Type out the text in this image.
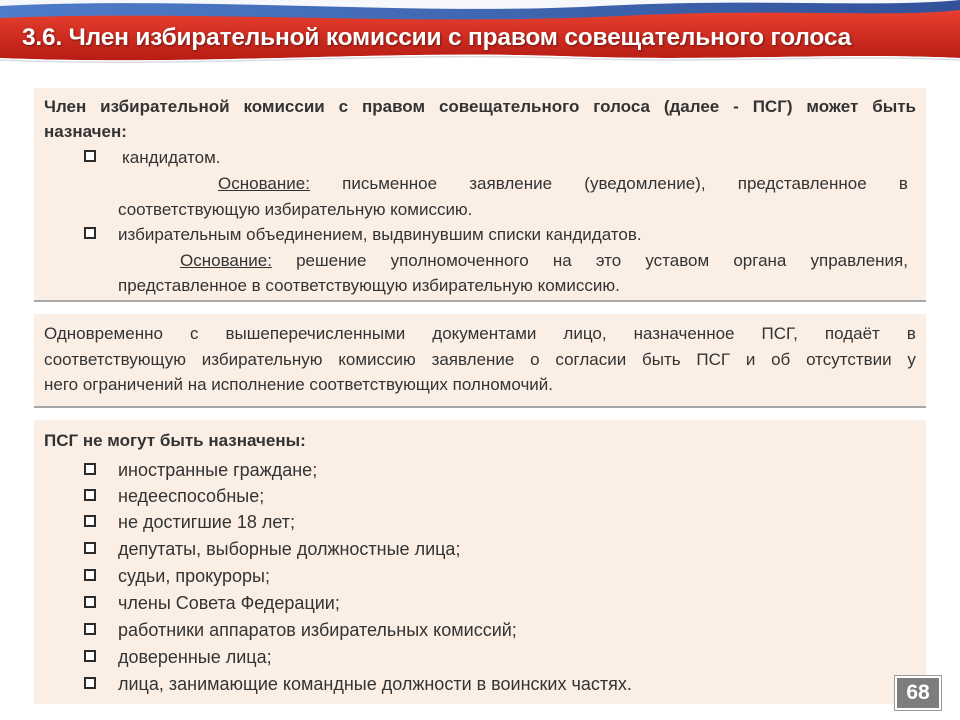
3.6. Член избирательной комиссии с правом совещательного голоса
Член избирательной комиссии с правом совещательного голоса (далее - ПСГ) может быть
назначен:
кандидатом.
Основание: письменное заявление (уведомление), представленное в
соответствующую избирательную комиссию.
избирательным объединением, выдвинувшим списки кандидатов.
Основание: решение уполномоченного на это уставом органа управления,
представленное в соответствующую избирательную комиссию.
Одновременно с вышеперечисленными документами лицо, назначенное ПСГ, подаёт в
соответствующую избирательную комиссию заявление о согласии быть ПСГ и об отсутствии у
него ограничений на исполнение соответствующих полномочий.
ПСГ не могут быть назначены:
иностранные граждане;
недееспособные;
не достигшие 18 лет;
депутаты, выборные должностные лица;
судьи, прокуроры;
члены Совета Федерации;
работники аппаратов избирательных комиссий;
доверенные лица;
лица, занимающие командные должности в воинских частях.	68
